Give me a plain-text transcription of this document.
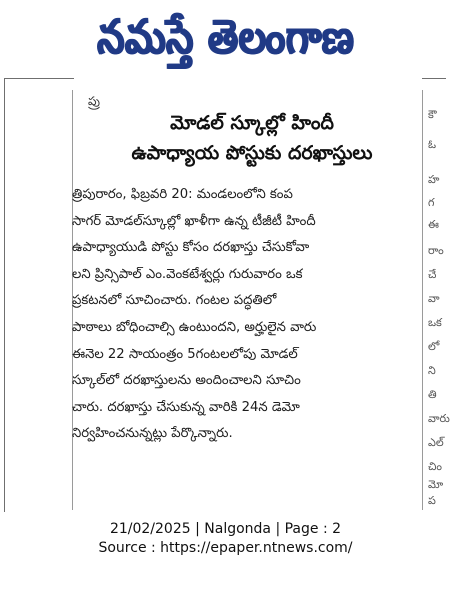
నమస్తే తెలంగాణ
ప్రు
కౌ
ఓ
హ
గ
ఈ
రాం
చే
వా
ఒక
లో
ని
తి
వారు
ఎల్
చిం
మో
ప
మోడల్ స్కూల్లో హిందీ
ఉపాధ్యాయ పోస్టుకు దరఖాస్తులు
త్రిపురారం, ఫిబ్రవరి 20: మండలంలోని కంప
సాగర్ మోడల్‌స్కూల్లో ఖాళీగా ఉన్న టీజీటీ హిందీ
ఉపాధ్యాయుడి పోస్టు కోసం దరఖాస్తు చేసుకోవా
లని ప్రిన్సిపాల్ ఎం.వెంకటేశ్వర్లు గురువారం ఒక
ప్రకటనలో సూచించారు. గంటల పద్ధతిలో
పాఠాలు బోధించాల్సి ఉంటుందని, అర్హులైన వారు
ఈనెల 22 సాయంత్రం 5గంటలలోపు మోడల్
స్కూల్‌లో దరఖాస్తులను అందించాలని సూచిం
చారు. దరఖాస్తు చేసుకున్న వారికి 24న డెమో
నిర్వహించనున్నట్లు పేర్కొన్నారు.
21/02/2025 | Nalgonda | Page : 2
Source : https://epaper.ntnews.com/
